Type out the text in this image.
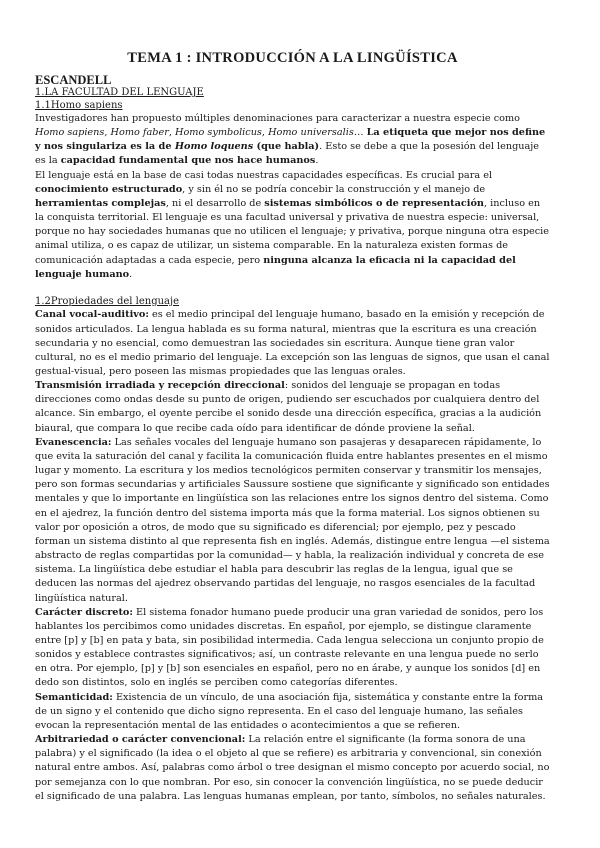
TEMA 1 : INTRODUCCIÓN A LA LINGÜÍSTICA
ESCANDELL
1.LA FACULTAD DEL LENGUAJE
1.1Homo sapiens

Investigadores han propuesto múltiples denominaciones para caracterizar a nuestra especie como Homo sapiens, Homo faber, Homo symbolicus, Homo universalis… La etiqueta que mejor nos define y nos singulariza es la de Homo loquens (que habla). Esto se debe a que la posesión del lenguaje es la capacidad fundamental que nos hace humanos.

El lenguaje está en la base de casi todas nuestras capacidades específicas. Es crucial para el conocimiento estructurado, y sin él no se podría concebir la construcción y el manejo de herramientas complejas, ni el desarrollo de sistemas simbólicos o de representación, incluso en la conquista territorial. El lenguaje es una facultad universal y privativa de nuestra especie: universal, porque no hay sociedades humanas que no utilicen el lenguaje; y privativa, porque ninguna otra especie animal utiliza, o es capaz de utilizar, un sistema comparable. En la naturaleza existen formas de comunicación adaptadas a cada especie, pero ninguna alcanza la eficacia ni la capacidad del lenguaje humano.

1.2Propiedades del lenguaje

Canal vocal-auditivo: es el medio principal del lenguaje humano, basado en la emisión y recepción de sonidos articulados. La lengua hablada es su forma natural, mientras que la escritura es una creación secundaria y no esencial, como demuestran las sociedades sin escritura. Aunque tiene gran valor cultural, no es el medio primario del lenguaje. La excepción son las lenguas de signos, que usan el canal gestual-visual, pero poseen las mismas propiedades que las lenguas orales.

Transmisión irradiada y recepción direccional: sonidos del lenguaje se propagan en todas direcciones como ondas desde su punto de origen, pudiendo ser escuchados por cualquiera dentro del alcance. Sin embargo, el oyente percibe el sonido desde una dirección específica, gracias a la audición biaural, que compara lo que recibe cada oído para identificar de dónde proviene la señal.

Evanescencia: Las señales vocales del lenguaje humano son pasajeras y desaparecen rápidamente, lo que evita la saturación del canal y facilita la comunicación fluida entre hablantes presentes en el mismo lugar y momento. La escritura y los medios tecnológicos permiten conservar y transmitir los mensajes, pero son formas secundarias y artificiales Saussure sostiene que significante y significado son entidades mentales y que lo importante en lingüística son las relaciones entre los signos dentro del sistema. Como en el ajedrez, la función dentro del sistema importa más que la forma material. Los signos obtienen su valor por oposición a otros, de modo que su significado es diferencial; por ejemplo, pez y pescado forman un sistema distinto al que representa fish en inglés. Además, distingue entre lengua —el sistema abstracto de reglas compartidas por la comunidad— y habla, la realización individual y concreta de ese sistema. La lingüística debe estudiar el habla para descubrir las reglas de la lengua, igual que se deducen las normas del ajedrez observando partidas del lenguaje, no rasgos esenciales de la facultad lingüística natural.

Carácter discreto: El sistema fonador humano puede producir una gran variedad de sonidos, pero los hablantes los percibimos como unidades discretas. En español, por ejemplo, se distingue claramente entre [p] y [b] en pata y bata, sin posibilidad intermedia. Cada lengua selecciona un conjunto propio de sonidos y establece contrastes significativos; así, un contraste relevante en una lengua puede no serlo en otra. Por ejemplo, [p] y [b] son esenciales en español, pero no en árabe, y aunque los sonidos [d] en dedo son distintos, solo en inglés se perciben como categorías diferentes.

Semanticidad: Existencia de un vínculo, de una asociación fija, sistemática y constante entre la forma de un signo y el contenido que dicho signo representa. En el caso del lenguaje humano, las señales evocan la representación mental de las entidades o acontecimientos a que se refieren.

Arbitrariedad o carácter convencional: La relación entre el significante (la forma sonora de una palabra) y el significado (la idea o el objeto al que se refiere) es arbitraria y convencional, sin conexión natural entre ambos. Así, palabras como árbol o tree designan el mismo concepto por acuerdo social, no por semejanza con lo que nombran. Por eso, sin conocer la convención lingüística, no se puede deducir el significado de una palabra. Las lenguas humanas emplean, por tanto, símbolos, no señales naturales.
